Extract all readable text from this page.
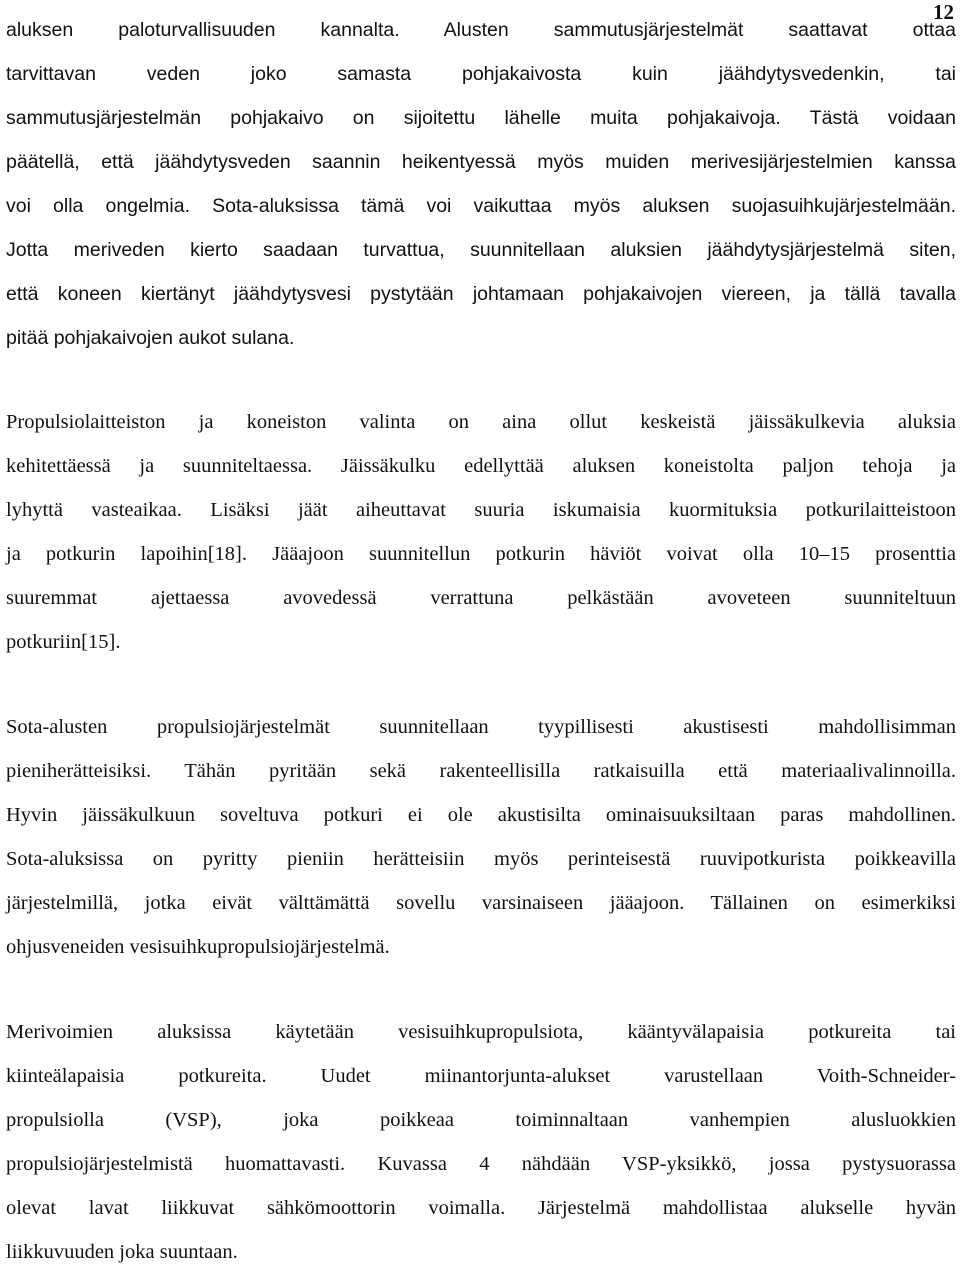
12
aluksen paloturvallisuuden kannalta. Alusten sammutusjärjestelmät saattavat ottaa
tarvittavan veden joko samasta pohjakaivosta kuin jäähdytysvedenkin, tai
sammutusjärjestelmän pohjakaivo on sijoitettu lähelle muita pohjakaivoja. Tästä voidaan
päätellä, että jäähdytysveden saannin heikentyessä myös muiden merivesijärjestelmien kanssa
voi olla ongelmia. Sota-aluksissa tämä voi vaikuttaa myös aluksen suojasuihkujärjestelmään.
Jotta meriveden kierto saadaan turvattua, suunnitellaan aluksien jäähdytysjärjestelmä siten,
että koneen kiertänyt jäähdytysvesi pystytään johtamaan pohjakaivojen viereen, ja tällä tavalla
pitää pohjakaivojen aukot sulana.
Propulsiolaitteiston ja koneiston valinta on aina ollut keskeistä jäissäkulkevia aluksia
kehitettäessä ja suunniteltaessa. Jäissäkulku edellyttää aluksen koneistolta paljon tehoja ja
lyhyttä vasteaikaa. Lisäksi jäät aiheuttavat suuria iskumaisia kuormituksia potkurilaitteistoon
ja potkurin lapoihin[18]. Jääajoon suunnitellun potkurin häviöt voivat olla 10–15 prosenttia
suuremmat ajettaessa avovedessä verrattuna pelkästään avoveteen suunniteltuun
potkuriin[15].
Sota-alusten propulsiojärjestelmät suunnitellaan tyypillisesti akustisesti mahdollisimman
pieniherätteisiksi. Tähän pyritään sekä rakenteellisilla ratkaisuilla että materiaalivalinnoilla.
Hyvin jäissäkulkuun soveltuva potkuri ei ole akustisilta ominaisuuksiltaan paras mahdollinen.
Sota-aluksissa on pyritty pieniin herätteisiin myös perinteisestä ruuvipotkurista poikkeavilla
järjestelmillä, jotka eivät välttämättä sovellu varsinaiseen jääajoon. Tällainen on esimerkiksi
ohjusveneiden vesisuihkupropulsiojärjestelmä.
Merivoimien aluksissa käytetään vesisuihkupropulsiota, kääntyvälapaisia potkureita tai
kiinteälapaisia potkureita. Uudet miinantorjunta-alukset varustellaan Voith-Schneider-
propulsiolla (VSP), joka poikkeaa toiminnaltaan vanhempien alusluokkien
propulsiojärjestelmistä huomattavasti. Kuvassa 4 nähdään VSP-yksikkö, jossa pystysuorassa
olevat lavat liikkuvat sähkömoottorin voimalla. Järjestelmä mahdollistaa alukselle hyvän
liikkuvuuden joka suuntaan.
